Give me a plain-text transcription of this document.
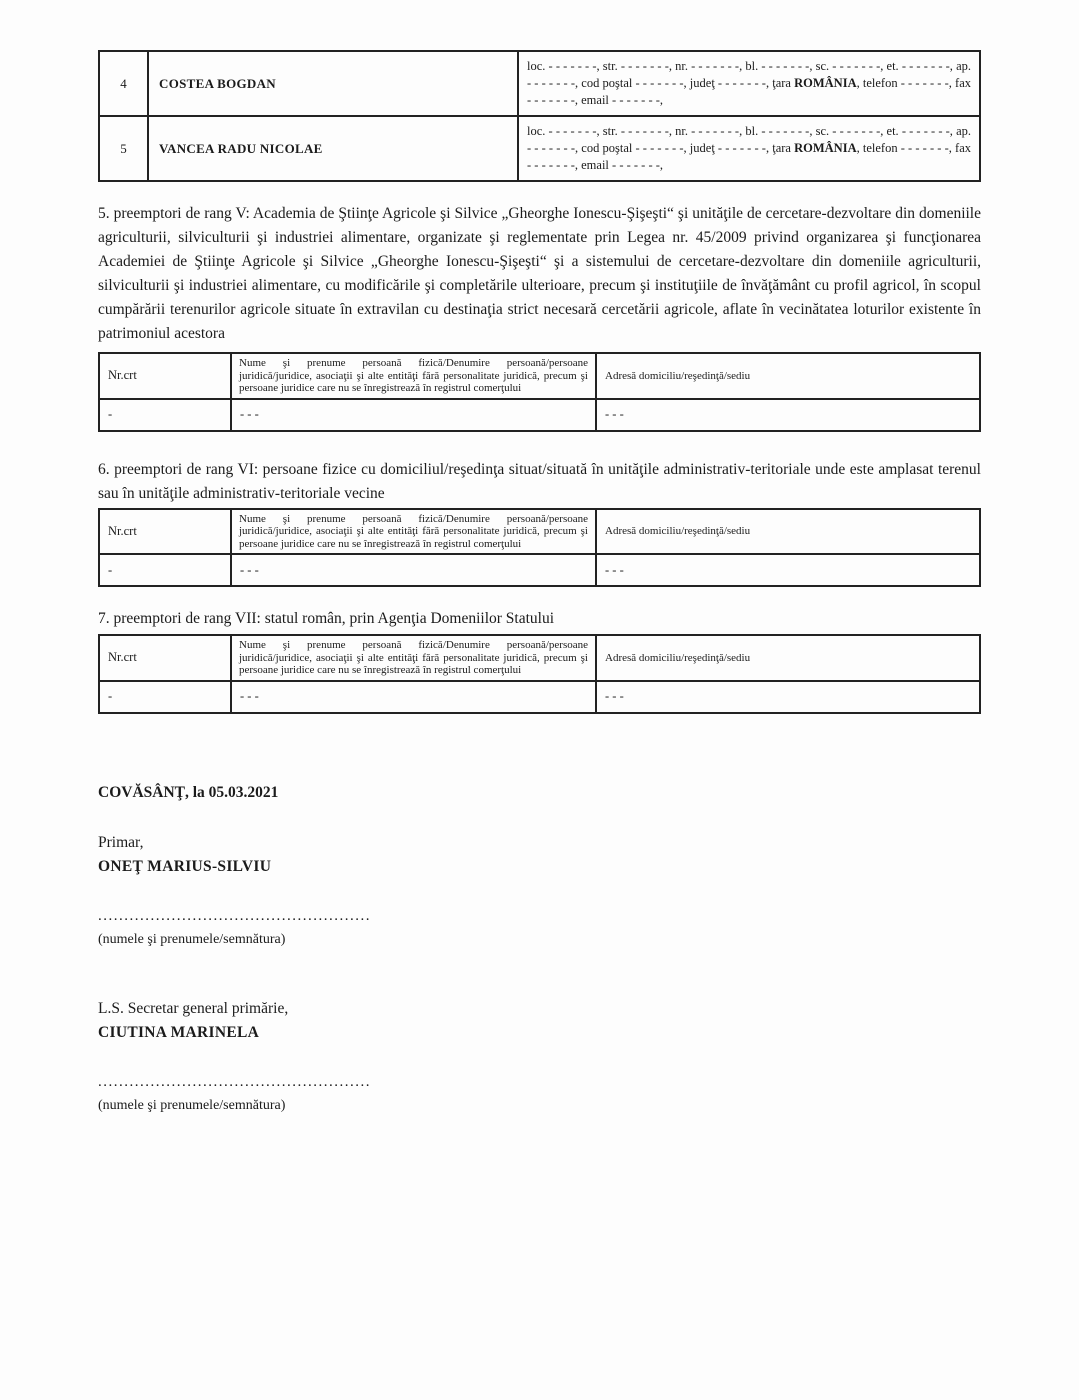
4	COSTEA BOGDAN	loc. - - - - - - -, str. - - - - - - -, nr. - - - - - - -, bl. - - - - - - -, sc. - - - - - - -, et. - - - - - - -, ap. - - - - - - -, cod poştal - - - - - - -, judeţ - - - - - - -, ţara ROMÂNIA, telefon - - - - - - -, fax - - - - - - -, email - - - - - - -,
5	VANCEA RADU NICOLAE	loc. - - - - - - -, str. - - - - - - -, nr. - - - - - - -, bl. - - - - - - -, sc. - - - - - - -, et. - - - - - - -, ap. - - - - - - -, cod poştal - - - - - - -, judeţ - - - - - - -, ţara ROMÂNIA, telefon - - - - - - -, fax - - - - - - -, email - - - - - - -,

5. preemptori de rang V: Academia de Ştiinţe Agricole şi Silvice „Gheorghe Ionescu-Şişeşti“ şi unităţile de cercetare-dezvoltare din domeniile agriculturii, silviculturii şi industriei alimentare, organizate şi reglementate prin Legea nr. 45/2009 privind organizarea şi funcţionarea Academiei de Ştiinţe Agricole şi Silvice „Gheorghe Ionescu-Şişeşti“ şi a sistemului de cercetare-dezvoltare din domeniile agriculturii, silviculturii şi industriei alimentare, cu modificările şi completările ulterioare, precum şi instituţiile de învăţământ cu profil agricol, în scopul cumpărării terenurilor agricole situate în extravilan cu destinaţia strict necesară cercetării agricole, aflate în vecinătatea loturilor existente în patrimoniul acestora

Nr.crt	Nume şi prenume persoană fizică/Denumire persoană/persoane juridică/juridice, asociaţii şi alte entităţi fără personalitate juridică, precum şi persoane juridice care nu se înregistrează în registrul comerţului	Adresă domiciliu/reşedinţă/sediu
-	- - -	- - -

6. preemptori de rang VI: persoane fizice cu domiciliul/reşedinţa situat/situată în unităţile administrativ-teritoriale unde este amplasat terenul sau în unităţile administrativ-teritoriale vecine

Nr.crt	Nume şi prenume persoană fizică/Denumire persoană/persoane juridică/juridice, asociaţii şi alte entităţi fără personalitate juridică, precum şi persoane juridice care nu se înregistrează în registrul comerţului	Adresă domiciliu/reşedinţă/sediu
-	- - -	- - -

7. preemptori de rang VII: statul român, prin Agenţia Domeniilor Statului

Nr.crt	Nume şi prenume persoană fizică/Denumire persoană/persoane juridică/juridice, asociaţii şi alte entităţi fără personalitate juridică, precum şi persoane juridice care nu se înregistrează în registrul comerţului	Adresă domiciliu/reşedinţă/sediu
-	- - -	- - -
COVĂSÂNŢ, la 05.03.2021
Primar,
ONEŢ MARIUS-SILVIU
....................................................
(numele şi prenumele/semnătura)
L.S. Secretar general primărie,
CIUTINA MARINELA
....................................................
(numele şi prenumele/semnătura)
